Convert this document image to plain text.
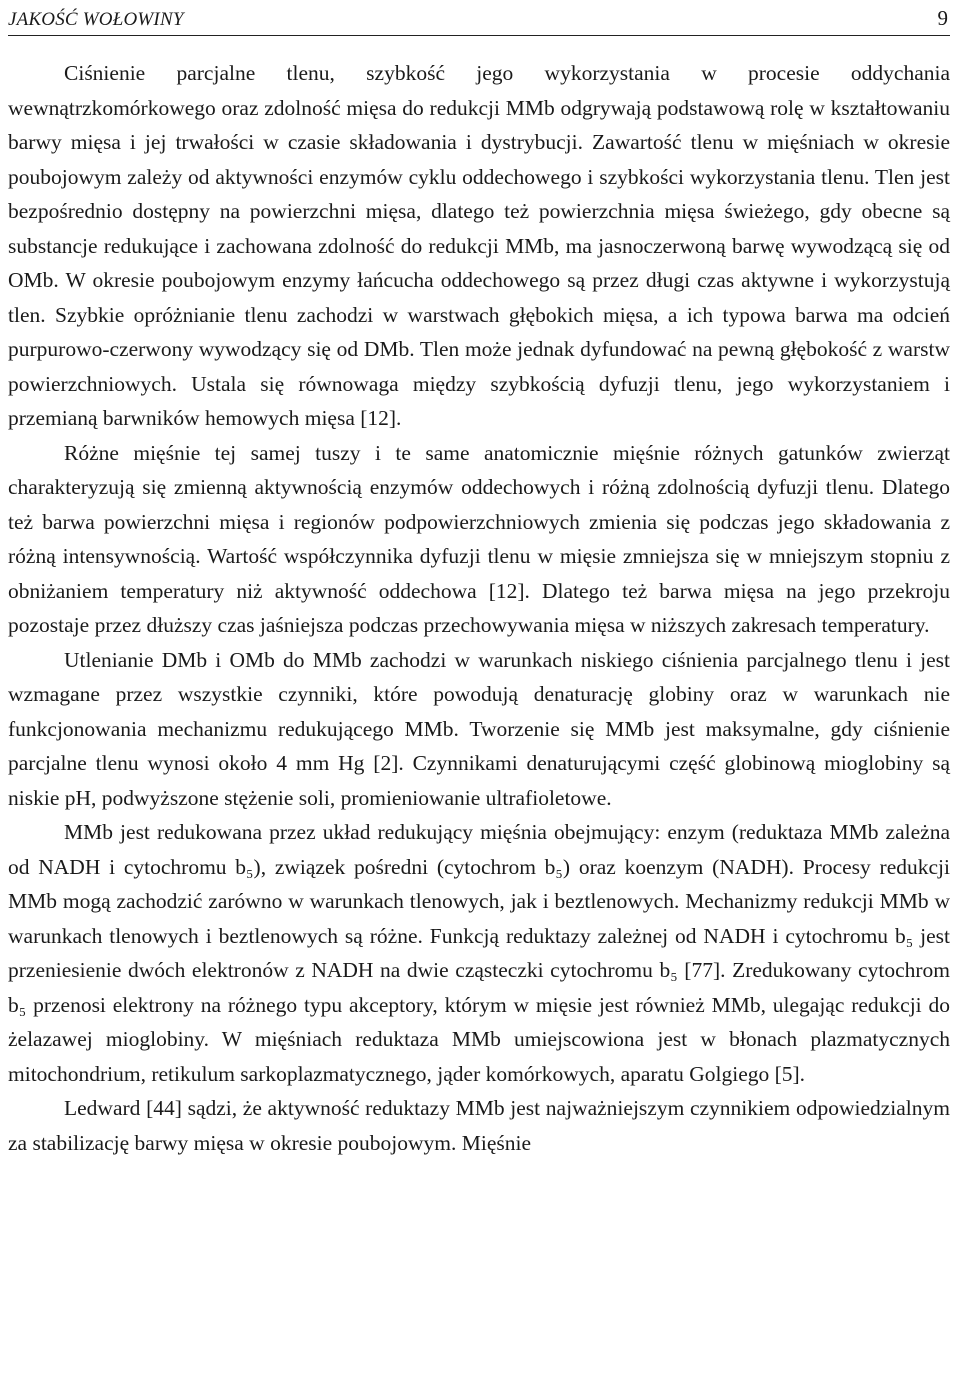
JAKOŚĆ WOŁOWINY	9

Ciśnienie parcjalne tlenu, szybkość jego wykorzystania w procesie oddychania wewnątrzkomórkowego oraz zdolność mięsa do redukcji MMb odgrywają podstawową rolę w kształtowaniu barwy mięsa i jej trwałości w czasie składowania i dystrybucji. Zawartość tlenu w mięśniach w okresie poubojowym zależy od aktywności enzymów cyklu oddechowego i szybkości wykorzystania tlenu. Tlen jest bezpośrednio dostępny na powierzchni mięsa, dlatego też powierzchnia mięsa świeżego, gdy obecne są substancje redukujące i zachowana zdolność do redukcji MMb, ma jasnoczerwoną barwę wywodzącą się od OMb. W okresie poubojowym enzymy łańcucha oddechowego są przez długi czas aktywne i wykorzystują tlen. Szybkie opróżnianie tlenu zachodzi w warstwach głębokich mięsa, a ich typowa barwa ma odcień purpurowo-czerwony wywodzący się od DMb. Tlen może jednak dyfundować na pewną głębokość z warstw powierzchniowych. Ustala się równowaga między szybkością dyfuzji tlenu, jego wykorzystaniem i przemianą barwników hemowych mięsa [12].

Różne mięśnie tej samej tuszy i te same anatomicznie mięśnie różnych gatunków zwierząt charakteryzują się zmienną aktywnością enzymów oddechowych i różną zdolnością dyfuzji tlenu. Dlatego też barwa powierzchni mięsa i regionów podpowierzchniowych zmienia się podczas jego składowania z różną intensywnością. Wartość współczynnika dyfuzji tlenu w mięsie zmniejsza się w mniejszym stopniu z obniżaniem temperatury niż aktywność oddechowa [12]. Dlatego też barwa mięsa na jego przekroju pozostaje przez dłuższy czas jaśniejsza podczas przechowywania mięsa w niższych zakresach temperatury.

Utlenianie DMb i OMb do MMb zachodzi w warunkach niskiego ciśnienia parcjalnego tlenu i jest wzmagane przez wszystkie czynniki, które powodują denaturację globiny oraz w warunkach nie funkcjonowania mechanizmu redukującego MMb. Tworzenie się MMb jest maksymalne, gdy ciśnienie parcjalne tlenu wynosi około 4 mm Hg [2]. Czynnikami denaturującymi część globinową mioglobiny są niskie pH, podwyższone stężenie soli, promieniowanie ultrafioletowe.

MMb jest redukowana przez układ redukujący mięśnia obejmujący: enzym (reduktaza MMb zależna od NADH i cytochromu b₅), związek pośredni (cytochrom b₅) oraz koenzym (NADH). Procesy redukcji MMb mogą zachodzić zarówno w warunkach tlenowych, jak i beztlenowych. Mechanizmy redukcji MMb w warunkach tlenowych i beztlenowych są różne. Funkcją reduktazy zależnej od NADH i cytochromu b₅ jest przeniesienie dwóch elektronów z NADH na dwie cząsteczki cytochromu b₅ [77]. Zredukowany cytochrom b₅ przenosi elektrony na różnego typu akceptory, którym w mięsie jest również MMb, ulegając redukcji do żelazawej mioglobiny. W mięśniach reduktaza MMb umiejscowiona jest w błonach plazmatycznych mitochondrium, retikulum sarkoplazmatycznego, jąder komórkowych, aparatu Golgiego [5].

Ledward [44] sądzi, że aktywność reduktazy MMb jest najważniejszym czynnikiem odpowiedzialnym za stabilizację barwy mięsa w okresie poubojowym. Mięśnie
